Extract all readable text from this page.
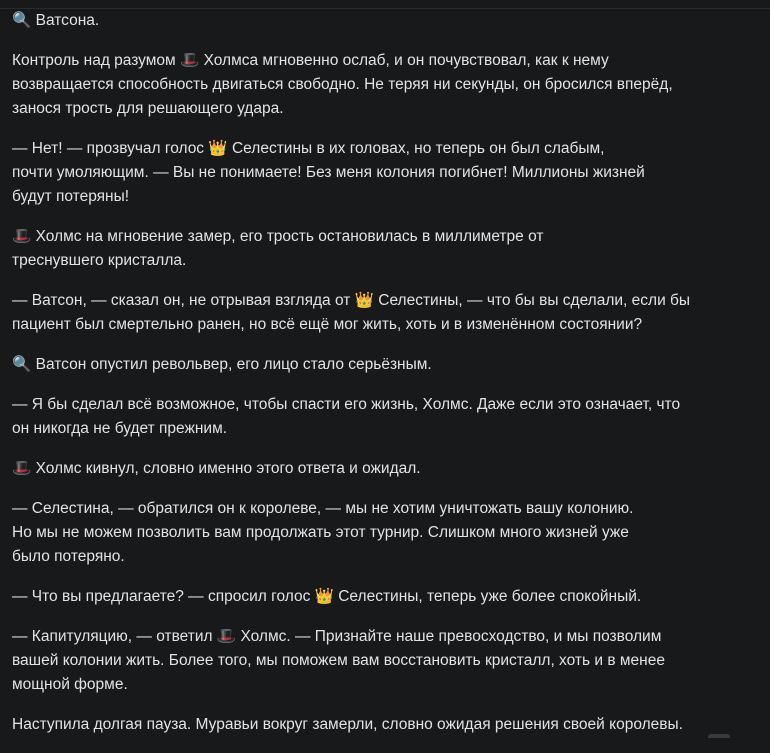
🔍 Ватсона.

Контроль над разумом 🎩 Холмса мгновенно ослаб, и он почувствовал, как к нему
возвращается способность двигаться свободно. Не теряя ни секунды, он бросился вперёд,
занося трость для решающего удара.

— Нет! — прозвучал голос 👑 Селестины в их головах, но теперь он был слабым,
почти умоляющим. — Вы не понимаете! Без меня колония погибнет! Миллионы жизней
будут потеряны!

🎩 Холмс на мгновение замер, его трость остановилась в миллиметре от
треснувшего кристалла.

— Ватсон, — сказал он, не отрывая взгляда от 👑 Селестины, — что бы вы сделали, если бы
пациент был смертельно ранен, но всё ещё мог жить, хоть и в изменённом состоянии?

🔍 Ватсон опустил револьвер, его лицо стало серьёзным.

— Я бы сделал всё возможное, чтобы спасти его жизнь, Холмс. Даже если это означает, что
он никогда не будет прежним.

🎩 Холмс кивнул, словно именно этого ответа и ожидал.

— Селестина, — обратился он к королеве, — мы не хотим уничтожать вашу колонию.
Но мы не можем позволить вам продолжать этот турнир. Слишком много жизней уже
было потеряно.

— Что вы предлагаете? — спросил голос 👑 Селестины, теперь уже более спокойный.

— Капитуляцию, — ответил 🎩 Холмс. — Признайте наше превосходство, и мы позволим
вашей колонии жить. Более того, мы поможем вам восстановить кристалл, хоть и в менее
мощной форме.

Наступила долгая пауза. Муравьи вокруг замерли, словно ожидая решения своей королевы.
